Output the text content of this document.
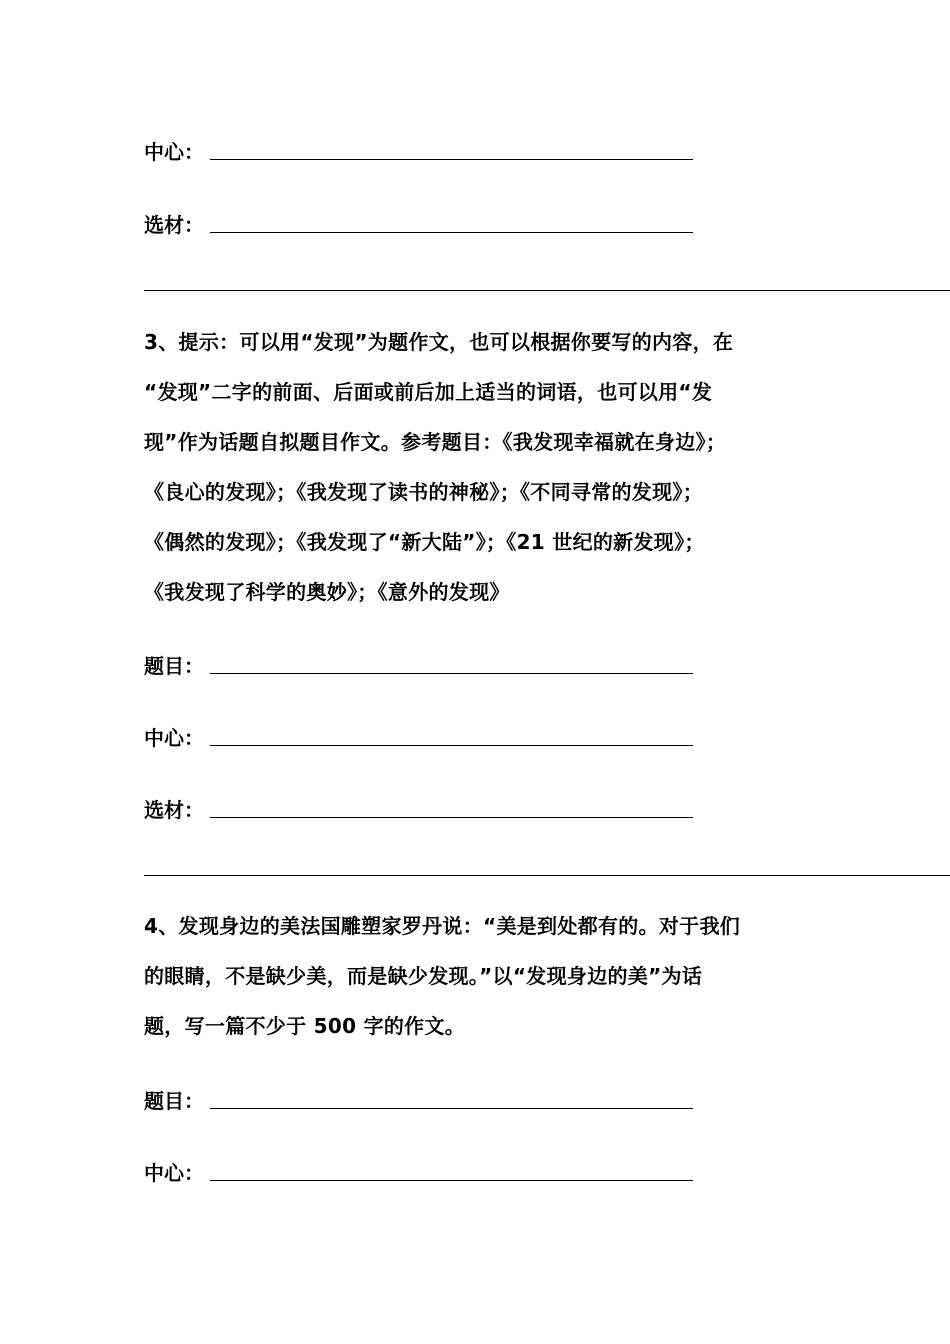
中心：
选材：
3、提示：可以用“发现”为题作文，也可以根据你要写的内容，在
“发现”二字的前面、后面或前后加上适当的词语，也可以用“发
现”作为话题自拟题目作文。参考题目：《我发现幸福就在身边》；
《良心的发现》；《我发现了读书的神秘》；《不同寻常的发现》；
《偶然的发现》；《我发现了“新大陆”》；《21 世纪的新发现》；
《我发现了科学的奥妙》；《意外的发现》
题目：
中心：
选材：
4、发现身边的美法国雕塑家罗丹说：“美是到处都有的。对于我们
的眼睛，不是缺少美，而是缺少发现。”以“发现身边的美”为话
题，写一篇不少于 500 字的作文。
题目：
中心：
